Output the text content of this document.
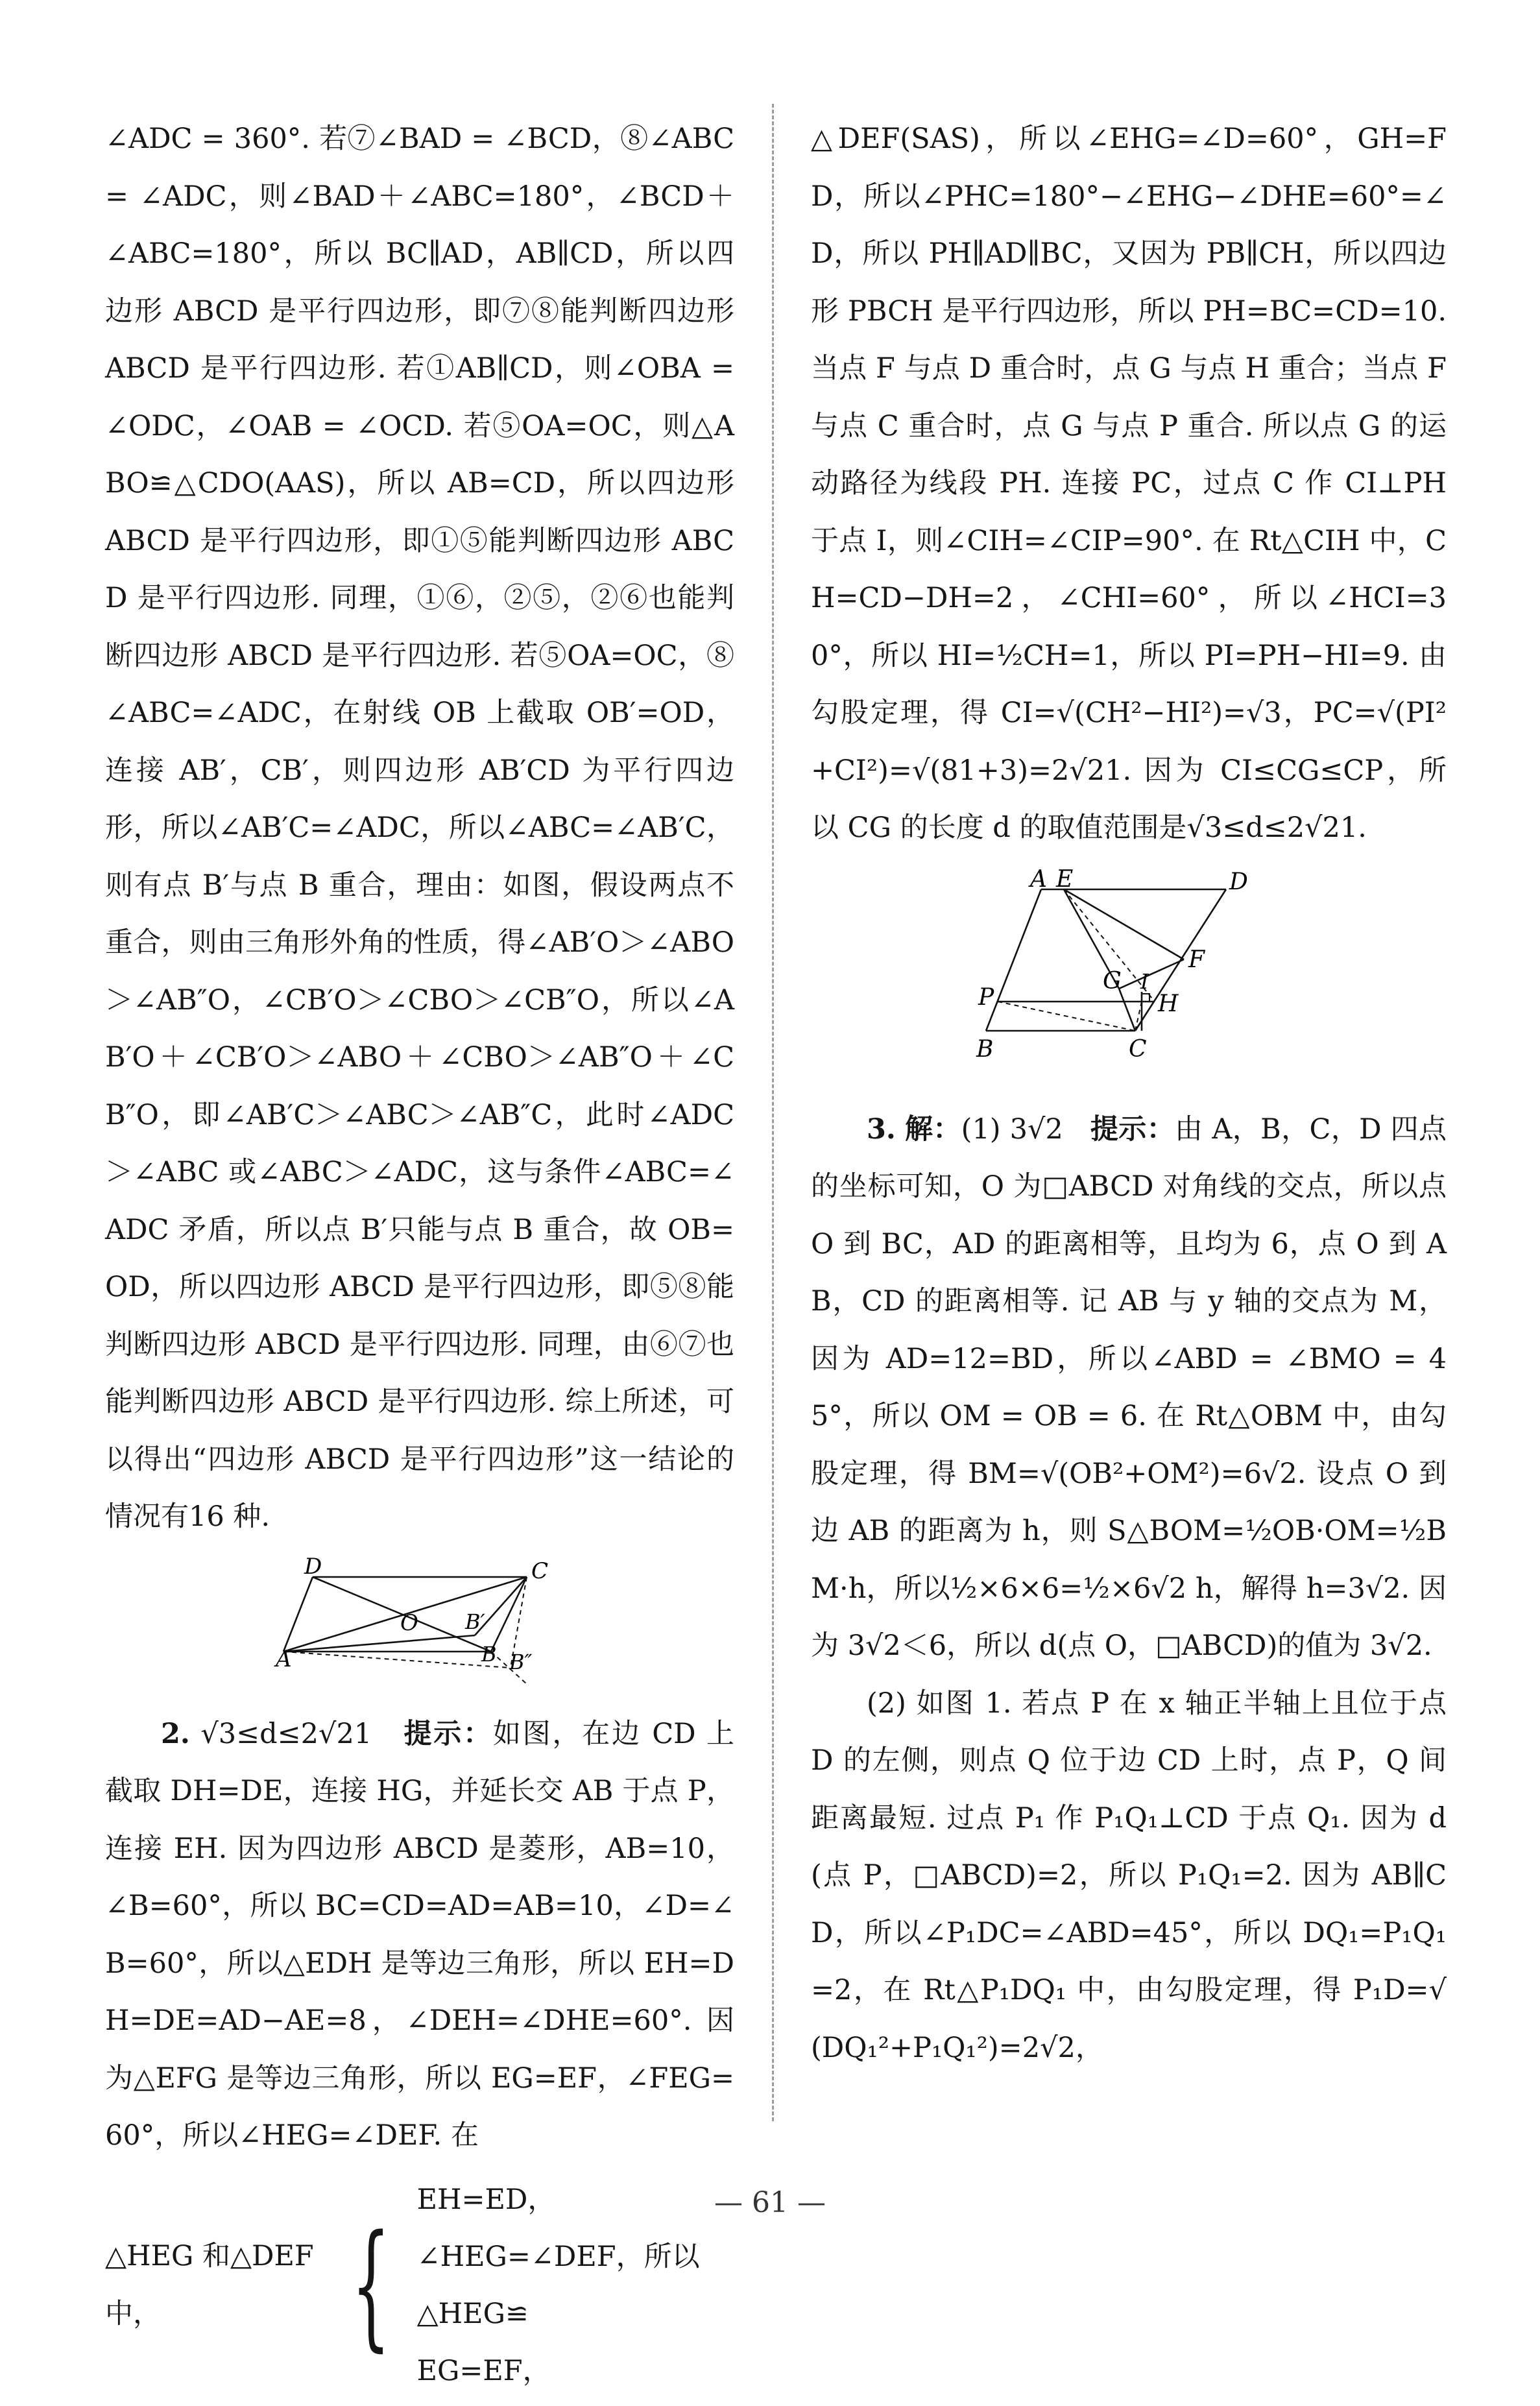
∠ADC = 360°. 若⑦∠BAD = ∠BCD，⑧∠ABC = ∠ADC，则∠BAD＋∠ABC=180°，∠BCD＋∠ABC=180°，所以 BC∥AD，AB∥CD，所以四边形 ABCD 是平行四边形，即⑦⑧能判断四边形 ABCD 是平行四边形. 若①AB∥CD，则∠OBA = ∠ODC，∠OAB = ∠OCD. 若⑤OA=OC，则△ABO≌△CDO(AAS)，所以 AB=CD，所以四边形 ABCD 是平行四边形，即①⑤能判断四边形 ABCD 是平行四边形. 同理，①⑥，②⑤，②⑥也能判断四边形 ABCD 是平行四边形. 若⑤OA=OC，⑧∠ABC=∠ADC，在射线 OB 上截取 OB′=OD，连接 AB′，CB′，则四边形 AB′CD 为平行四边形，所以∠AB′C=∠ADC，所以∠ABC=∠AB′C，则有点 B′与点 B 重合，理由：如图，假设两点不重合，则由三角形外角的性质，得∠AB′O＞∠ABO＞∠AB″O，∠CB′O＞∠CBO＞∠CB″O，所以∠AB′O＋∠CB′O＞∠ABO＋∠CBO＞∠AB″O＋∠CB″O，即∠AB′C＞∠ABC＞∠AB″C，此时∠ADC＞∠ABC 或∠ABC＞∠ADC，这与条件∠ABC=∠ADC 矛盾，所以点 B′只能与点 B 重合，故 OB=OD，所以四边形 ABCD 是平行四边形，即⑤⑧能判断四边形 ABCD 是平行四边形. 同理，由⑥⑦也能判断四边形 ABCD 是平行四边形. 综上所述，可以得出“四边形 ABCD 是平行四边形”这一结论的情况有16 种.

D	C
A
O B′
B B″

2. √3≤d≤2√21 提示：如图，在边 CD 上截取 DH=DE，连接 HG，并延长交 AB 于点 P，连接 EH. 因为四边形 ABCD 是菱形，AB=10，∠B=60°，所以 BC=CD=AD=AB=10，∠D=∠B=60°，所以△EDH 是等边三角形，所以 EH=DH=DE=AD−AE=8，∠DEH=∠DHE=60°. 因为△EFG 是等边三角形，所以 EG=EF，∠FEG=60°，所以∠HEG=∠DEF. 在

△HEG 和△DEF 中，	{
EH=ED，
∠HEG=∠DEF，所以△HEG≌
EG=EF，

△DEF(SAS)，所以∠EHG=∠D=60°，GH=FD，所以∠PHC=180°−∠EHG−∠DHE=60°=∠D，所以 PH∥AD∥BC，又因为 PB∥CH，所以四边形 PBCH 是平行四边形，所以 PH=BC=CD=10. 当点 F 与点 D 重合时，点 G 与点 H 重合；当点 F 与点 C 重合时，点 G 与点 P 重合. 所以点 G 的运动路径为线段 PH. 连接 PC，过点 C 作 CI⊥PH 于点 I，则∠CIH=∠CIP=90°. 在 Rt△CIH 中，CH=CD−DH=2，∠CHI=60°，所以∠HCI=30°，所以 HI=½CH=1，所以 PI=PH−HI=9. 由勾股定理，得 CI=√(CH²−HI²)=√3，PC=√(PI²+CI²)=√(81+3)=2√21. 因为 CI≤CG≤CP，所以 CG 的长度 d 的取值范围是√3≤d≤2√21.

A E	D
F
G I
P	H
B	C

3. 解：(1) 3√2 提示：由 A，B，C，D 四点的坐标可知，O 为□ABCD 对角线的交点，所以点 O 到 BC，AD 的距离相等，且均为 6，点 O 到 AB，CD 的距离相等. 记 AB 与 y 轴的交点为 M，因为 AD=12=BD，所以∠ABD = ∠BMO = 45°，所以 OM = OB = 6. 在 Rt△OBM 中，由勾股定理，得 BM=√(OB²+OM²)=6√2. 设点 O 到边 AB 的距离为 h，则 S△BOM=½OB·OM=½BM·h，所以½×6×6=½×6√2 h，解得 h=3√2. 因为 3√2＜6，所以 d(点 O，□ABCD)的值为 3√2.

(2) 如图 1. 若点 P 在 x 轴正半轴上且位于点 D 的左侧，则点 Q 位于边 CD 上时，点 P，Q 间距离最短. 过点 P₁ 作 P₁Q₁⊥CD 于点 Q₁. 因为 d(点 P，□ABCD)=2，所以 P₁Q₁=2. 因为 AB∥CD，所以∠P₁DC=∠ABD=45°，所以 DQ₁=P₁Q₁=2，在 Rt△P₁DQ₁ 中，由勾股定理，得 P₁D=√(DQ₁²+P₁Q₁²)=2√2，

— 61 —
